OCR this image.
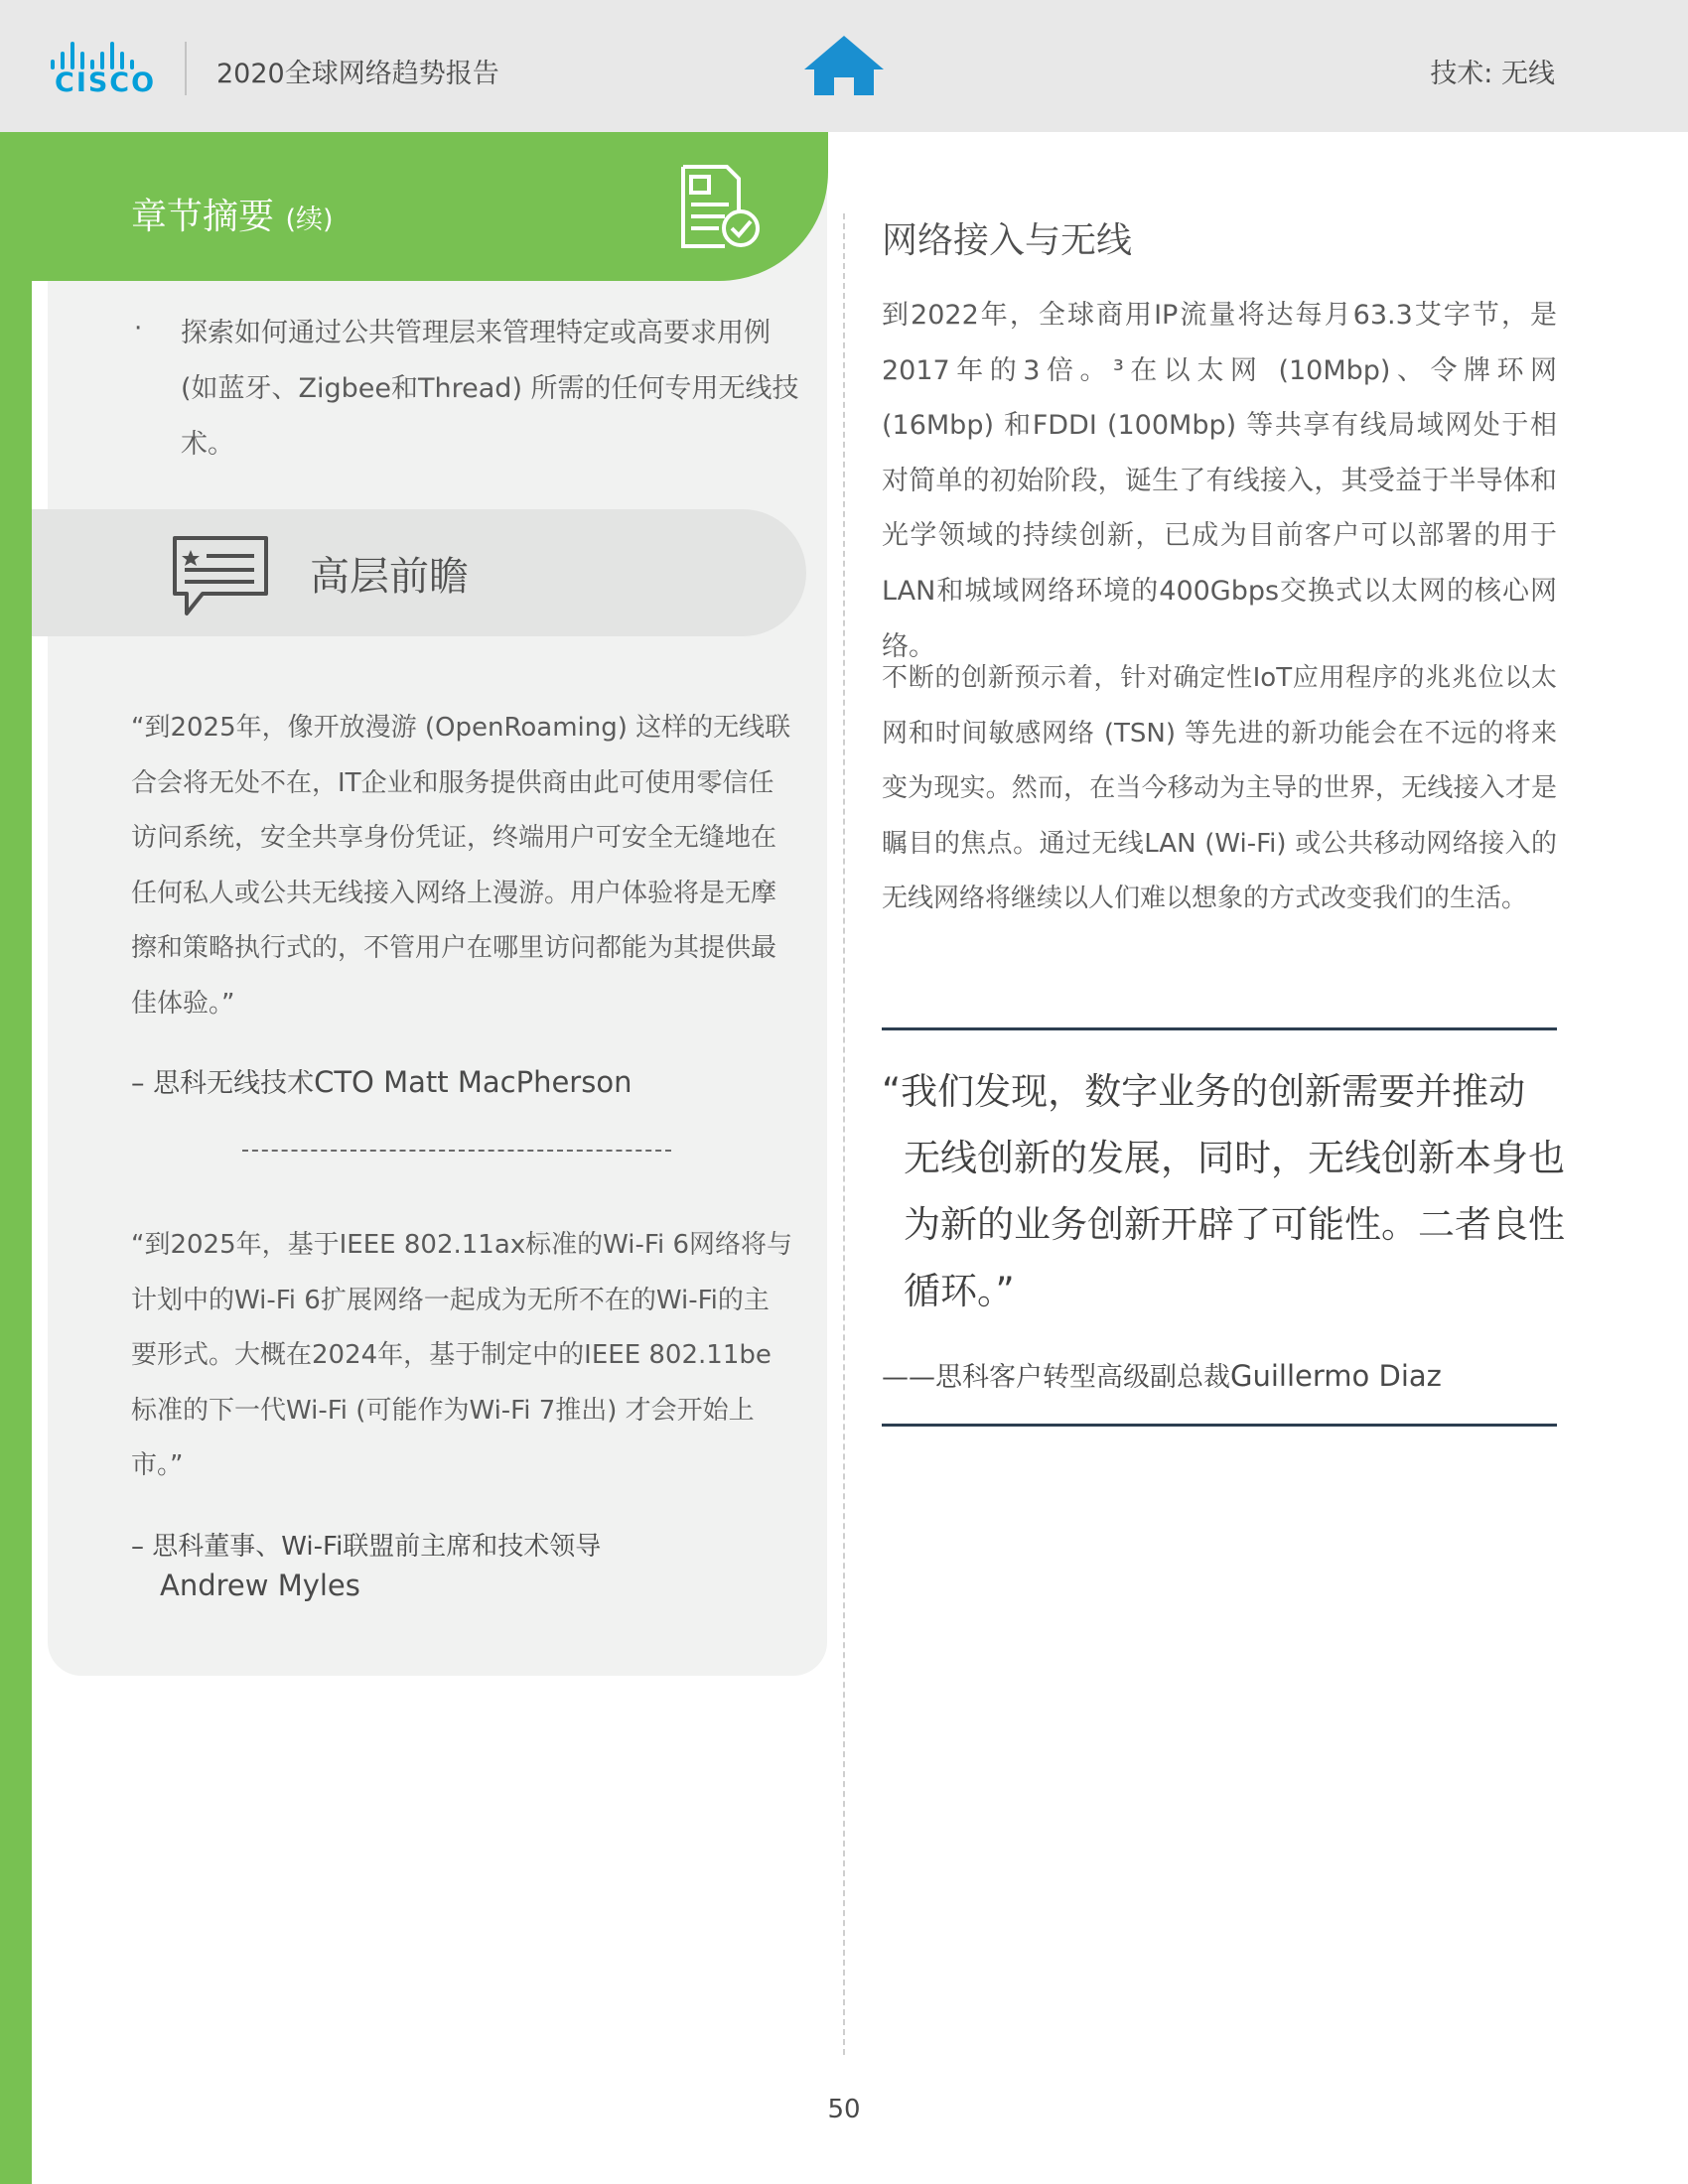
CISCO 2020全球网络趋势报告	技术: 无线
章节摘要 (续)
· 探索如何通过公共管理层来管理特定或高要求用例 (如蓝牙、Zigbee和Thread) 所需的任何专用无线技术。
高层前瞻
“到2025年，像开放漫游 (OpenRoaming) 这样的无线联合会将无处不在，IT企业和服务提供商由此可使用零信任访问系统，安全共享身份凭证，终端用户可安全无缝地在任何私人或公共无线接入网络上漫游。用户体验将是无摩擦和策略执行式的，不管用户在哪里访问都能为其提供最佳体验。”
– 思科无线技术CTO Matt MacPherson
“到2025年，基于IEEE 802.11ax标准的Wi-Fi 6网络将与计划中的Wi-Fi 6扩展网络一起成为无所不在的Wi-Fi的主要形式。大概在2024年，基于制定中的IEEE 802.11be标准的下一代Wi-Fi (可能作为Wi-Fi 7推出) 才会开始上市。”
– 思科董事、Wi-Fi联盟前主席和技术领导
Andrew Myles
网络接入与无线
到2022年，全球商用IP流量将达每月63.3艾字节，是2017年的3倍。³在以太网 (10Mbp)、令牌环网 (16Mbp) 和FDDI (100Mbp) 等共享有线局域网处于相对简单的初始阶段，诞生了有线接入，其受益于半导体和光学领域的持续创新，已成为目前客户可以部署的用于LAN和城域网络环境的400Gbps交换式以太网的核心网络。
不断的创新预示着，针对确定性IoT应用程序的兆兆位以太网和时间敏感网络 (TSN) 等先进的新功能会在不远的将来变为现实。然而，在当今移动为主导的世界，无线接入才是瞩目的焦点。通过无线LAN (Wi-Fi) 或公共移动网络接入的无线网络将继续以人们难以想象的方式改变我们的生活。
“我们发现，数字业务的创新需要并推动
无线创新的发展，同时，无线创新本身也
为新的业务创新开辟了可能性。二者良性
循环。”
——思科客户转型高级副总裁Guillermo Diaz
50
